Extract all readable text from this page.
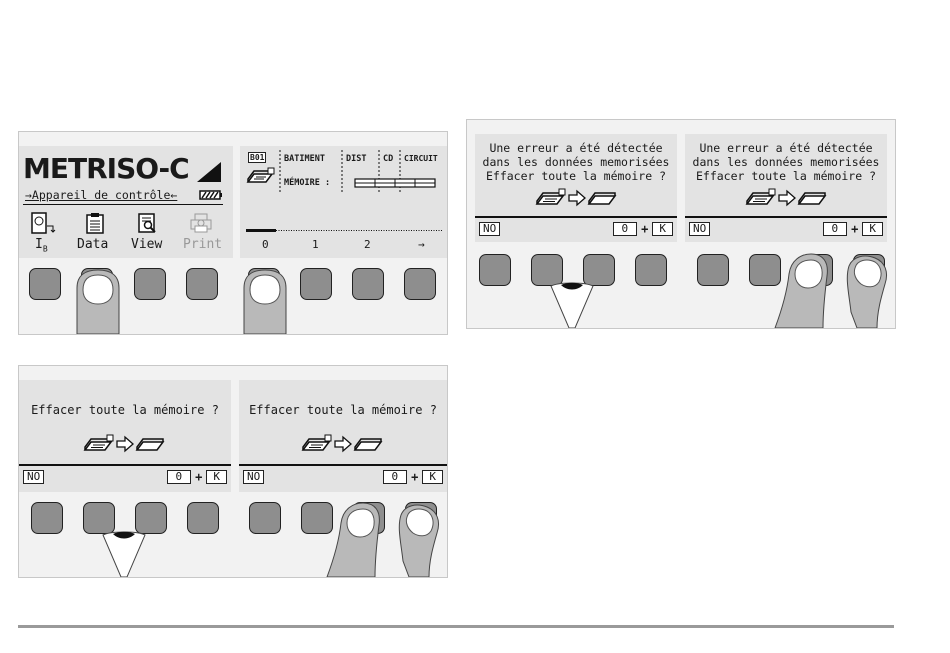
METRISO-C
→Appareil de contrôle←
$I_B$ Data View Print
B01 BATIMENT DIST CD CIRCUIT
MÉMOIRE :
0	1	2	→
Une erreur a été détectée
dans les données memorisées
Effacer toute la mémoire ?
NO	0	+	K
Une erreur a été détectée
dans les données memorisées
Effacer toute la mémoire ?
NO	0	+	K
Effacer toute la mémoire ?
NO	0	+	K
Effacer toute la mémoire ?
NO	0	+	K
